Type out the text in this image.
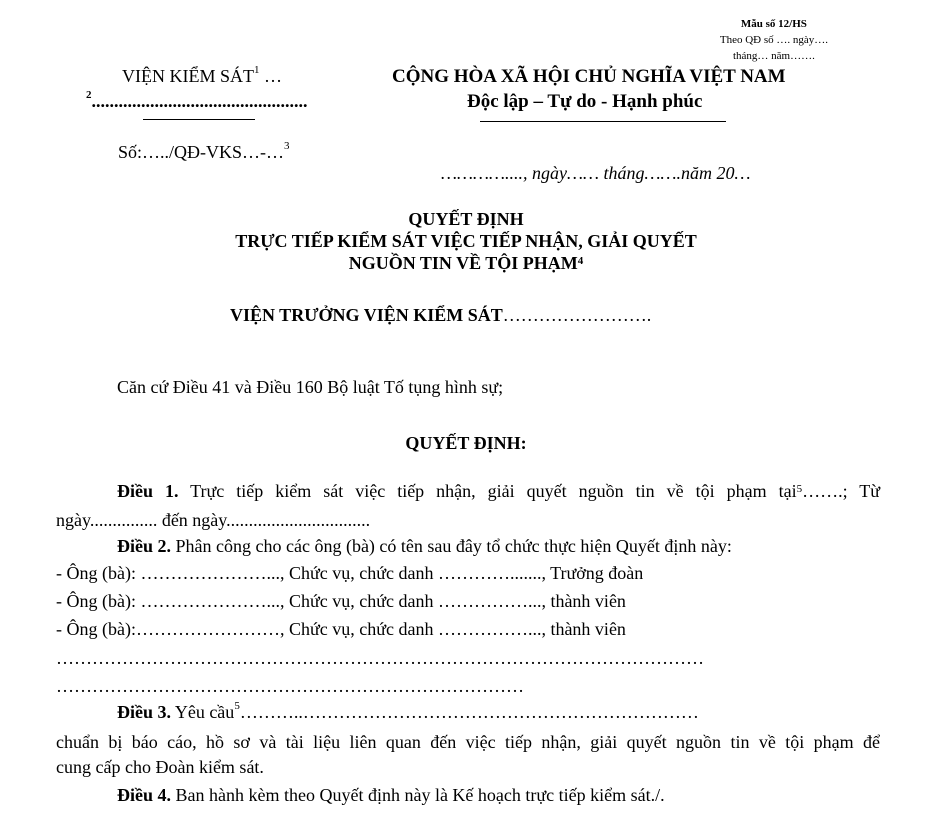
Mẫu số 12/HS
Theo QĐ số …. ngày….
tháng… năm…….
VIỆN KIỂM SÁT$^1$ …
$^2$................................................
CỘNG HÒA XÃ HỘI CHỦ NGHĨA VIỆT NAM
Độc lập – Tự do - Hạnh phúc
Số:…../QĐ-VKS…-…$^3$
…………...., ngày…… tháng…….năm 20…
QUYẾT ĐỊNH
TRỰC TIẾP KIỂM SÁT VIỆC TIẾP NHẬN, GIẢI QUYẾT
NGUỒN TIN VỀ TỘI PHẠM$^4$
VIỆN TRƯỞNG VIỆN KIỂM SÁT…………………….
Căn cứ Điều 41 và Điều 160 Bộ luật Tố tụng hình sự;
QUYẾT ĐỊNH:
Điều 1. Trực tiếp kiểm sát việc tiếp nhận, giải quyết nguồn tin về tội phạm tại$^5$…….; Từ
ngày............... đến ngày................................
Điều 2. Phân công cho các ông (bà) có tên sau đây tổ chức thực hiện Quyết định này:
- Ông (bà): …………………..., Chức vụ, chức danh …………......., Trưởng đoàn
- Ông (bà): …………………..., Chức vụ, chức danh ……………..., thành viên
- Ông (bà):……………………, Chức vụ, chức danh ……………..., thành viên
………………………………………………………………………………………………
……………………………………………………………………
Điều 3. Yêu cầu$^5$………..…………………………………………………………
chuẩn bị báo cáo, hồ sơ và tài liệu liên quan đến việc tiếp nhận, giải quyết nguồn tin về tội phạm để
cung cấp cho Đoàn kiểm sát.
Điều 4. Ban hành kèm theo Quyết định này là Kế hoạch trực tiếp kiểm sát./.
